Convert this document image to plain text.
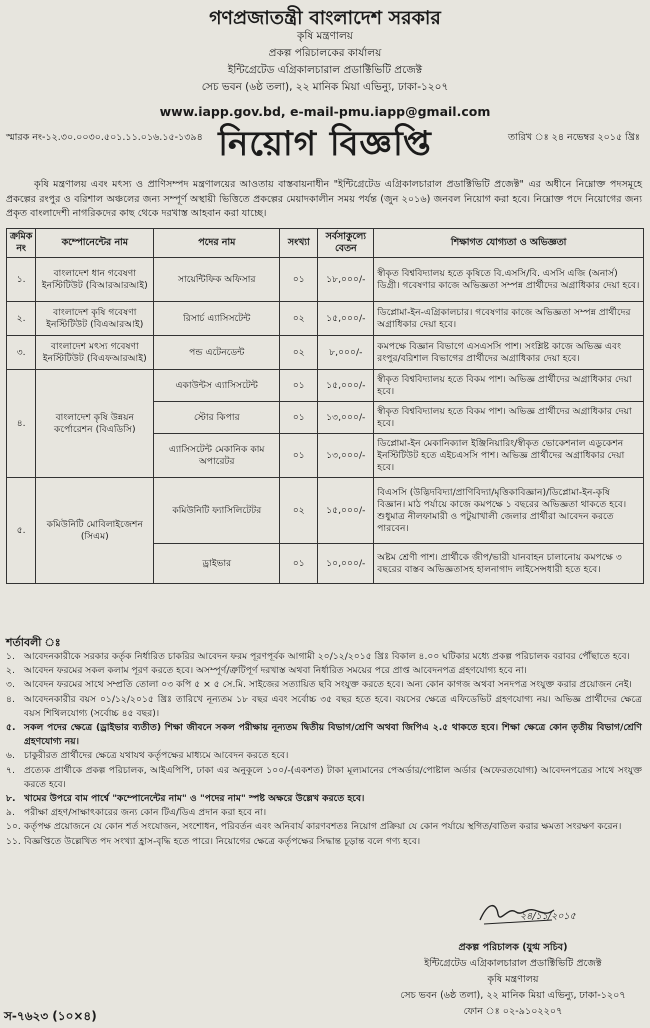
গণপ্রজাতন্ত্রী বাংলাদেশ সরকার
কৃষি মন্ত্রণালয়
প্রকল্প পরিচালকের কার্যালয়
ইন্টিগ্রেটেড এগ্রিকালচারাল প্রডাক্টিভিটি প্রজেক্ট
সেচ ভবন (৬ষ্ঠ তলা), ২২ মানিক মিয়া এভিন্যু, ঢাকা-১২০৭
www.iapp.gov.bd, e-mail-pmu.iapp@gmail.com
স্মারক নং-১২.৩০.০০৩০.৫০১.১১.০১৬.১৫-১৩৯৪ নিয়োগ বিজ্ঞপ্তি	তারিখ ঃ ২৪ নভেম্বর ২০১৫ খ্রিঃ
কৃষি মন্ত্রণালয় এবং মৎস্য ও প্রাণিসম্পদ মন্ত্রণালয়ের আওতায় বাস্তবায়নাধীন "ইন্টিগ্রেটেড এগ্রিকালচারাল প্রডাক্টিভিটি প্রজেক্ট" এর অধীনে নিম্নোক্ত পদসমূহে প্রকল্পের রংপুর ও বরিশাল অঞ্চলের জন্য সম্পূর্ণ অস্থায়ী ভিত্তিতে প্রকল্পের মেয়াদকালীন সময় পর্যন্ত (জুন ২০১৬) জনবল নিয়োগ করা হবে। নিম্নোক্ত পদে নিয়োগের জন্য প্রকৃত বাংলাদেশী নাগরিকদের কাছ থেকে দরখাস্ত আহবান করা যাচ্ছে।
ক্রমিক নং	কম্পোনেন্টের নাম	পদের নাম	সংখ্যা	সর্বসাকুল্যে বেতন	শিক্ষাগত যোগ্যতা ও অভিজ্ঞতা
১.	বাংলাদেশ ধান গবেষণা ইনস্টিটিউট (বিআরআরআই)	সায়েন্টিফিক অফিসার	০১	১৮,০০০/-	স্বীকৃত বিশ্ববিদ্যালয় হতে কৃষিতে বি.এসসি/বি. এসসি এজি (অনার্স) ডিগ্রী। গবেষণার কাজে অভিজ্ঞতা সম্পন্ন প্রার্থীদের অগ্রাধিকার দেয়া হবে।
২.	বাংলাদেশ কৃষি গবেষণা ইনস্টিটিউট (বিএআরআই)	রিসার্চ এ্যাসিসটেন্ট	০২	১৫,০০০/-	ডিপ্লোমা-ইন-এগ্রিকালচার। গবেষণার কাজে অভিজ্ঞতা সম্পন্ন প্রার্থীদের অগ্রাধিকার দেয়া হবে।
৩.	বাংলাদেশ মৎস্য গবেষণা ইনস্টিটিউট (বিএফআরআই)	পন্ড এটেনডেন্ট	০২	৮,০০০/-	কমপক্ষে বিজ্ঞান বিভাগে এসএসসি পাশ। সংশ্লিষ্ট কাজে অভিজ্ঞ এবং রংপুর/বরিশাল বিভাগের প্রার্থীদের অগ্রাধিকার দেয়া হবে।
৪.	বাংলাদেশ কৃষি উন্নয়ন কর্পোরেশন (বিএডিসি)	একাউন্টস এ্যাসিসটেন্ট	০১	১৫,০০০/-	স্বীকৃত বিশ্ববিদ্যালয় হতে বিকম পাশ। অভিজ্ঞ প্রার্থীদের অগ্রাধিকার দেয়া হবে।
		স্টোর কিপার	০১	১৩,০০০/-	স্বীকৃত বিশ্ববিদ্যালয় হতে বিকম পাশ। অভিজ্ঞ প্রার্থীদের অগ্রাধিকার দেয়া হবে।
		এ্যাসিসটেন্ট মেকানিক কাম অপারেটর	০১	১৩,০০০/-	ডিপ্লোমা-ইন মেকানিক্যাল ইঞ্জিনিয়ারিং/স্বীকৃত ভোকেশনাল এডুকেশন ইনস্টিটিউট হতে এইচএসসি পাশ। অভিজ্ঞ প্রার্থীদের অগ্রাধিকার দেয়া হবে।
৫.	কমিউনিটি মোবিলাইজেশন (সিএম)	কমিউনিটি ফ্যাসিলিটেটর	০২	১৫,০০০/-	বিএসসি (উদ্ভিদবিদ্যা/প্রাণিবিদ্যা/মৃত্তিকাবিজ্ঞান)/ডিপ্লোমা-ইন-কৃষি বিজ্ঞান। মাঠ পর্যায়ে কাজে কমপক্ষে ১ বছরের অভিজ্ঞতা থাকতে হবে। শুধুমাত্র নীলফামারী ও পটুয়াখালী জেলার প্রার্থীরা আবেদন করতে পারবেন।
		ড্রাইভার	০১	১০,০০০/-	অষ্টম শ্রেণী পাশ। প্রার্থীকে জীপ/ভারী যানবাহন চালানোয় কমপক্ষে ৩ বছরের বাস্তব অভিজ্ঞতাসহ হালনাগাদ লাইসেন্সধারী হতে হবে।
শর্তাবলী ঃ
১. আবেদনকারীকে সরকার কর্তৃক নির্ধারিত চাকরির আবেদন ফরম পূরণপূর্বক আগামী ২০/১২/২০১৫ খ্রিঃ বিকাল ৪.০০ ঘটিকার মধ্যে প্রকল্প পরিচালক বরাবর পৌঁছাতে হবে।
২. আবেদন ফরমের সকল কলাম পূরণ করতে হবে। অসম্পূর্ণ/ত্রুটিপূর্ণ দরখাস্ত অথবা নির্ধারিত সময়ের পরে প্রাপ্ত আবেদনপত্র গ্রহণযোগ্য হবে না।
৩. আবেদন ফরমের সাথে সম্প্রতি তোলা ০৩ কপি ৫ × ৫ সে.মি. সাইজের সত্যায়িত ছবি সংযুক্ত করতে হবে। অন্য কোন কাগজ অথবা সনদপত্র সংযুক্ত করার প্রয়োজন নেই।
৪. আবেদনকারীর বয়স ০১/১২/২০১৫ খ্রিঃ তারিখে নূন্যতম ১৮ বছর এবং সর্বোচ্চ ৩৫ বছর হতে হবে। বয়সের ক্ষেত্রে এফিডেভিট গ্রহণযোগ্য নয়। অভিজ্ঞ প্রার্থীদের ক্ষেত্রে বয়স শিথিলযোগ্য (সর্বোচ্চ ৪৫ বছর)।
৫. সকল পদের ক্ষেত্রে (ড্রাইভার ব্যতীত) শিক্ষা জীবনে সকল পরীক্ষায় নূন্যতম দ্বিতীয় বিভাগ/শ্রেণি অথবা জিপিএ ২.৫ থাকতে হবে। শিক্ষা ক্ষেত্রে কোন তৃতীয় বিভাগ/শ্রেণি গ্রহণযোগ্য নয়।
৬. চাকুরীরত প্রার্থীদের ক্ষেত্রে যথাযথ কর্তৃপক্ষের মাধ্যমে আবেদন করতে হবে।
৭. প্রত্যেক প্রার্থীকে প্রকল্প পরিচালক, আইএপিপি, ঢাকা এর অনুকূলে ১০০/-(একশত) টাকা মূল্যমানের পেঅর্ডার/পোষ্টাল অর্ডার (অফেরতযোগ্য) আবেদনপত্রের সাথে সংযুক্ত করতে হবে।
৮. খামের উপরে বাম পার্শ্বে "কম্পোনেন্টের নাম" ও "পদের নাম" স্পষ্ট অক্ষরে উল্লেখ করতে হবে।
৯. পরীক্ষা গ্রহণ/সাক্ষাৎকারের জন্য কোন টিএ/ডিএ প্রদান করা হবে না।
১০. কর্তৃপক্ষ প্রয়োজনে যে কোন শর্ত সংযোজন, সংশোধন, পরিবর্তন এবং অনিবার্য কারণবশতঃ নিয়োগ প্রক্রিয়া যে কোন পর্যায়ে স্থগিত/বাতিল করার ক্ষমতা সংরক্ষণ করেন।
১১. বিজ্ঞপ্তিতে উল্লেখিত পদ সংখ্যা হ্রাস-বৃদ্ধি হতে পারে। নিয়োগের ক্ষেত্রে কর্তৃপক্ষের সিদ্ধান্ত চূড়ান্ত বলে গণ্য হবে।
২৪/১১/২০১৫
প্রকল্প পরিচালক (যুগ্ম সচিব)
ইন্টিগ্রেটেড এগ্রিকালচারাল প্রডাক্টিভিটি প্রজেক্ট
কৃষি মন্ত্রণালয়
সেচ ভবন (৬ষ্ঠ তলা), ২২ মানিক মিয়া এভিন্যু, ঢাকা-১২০৭
ফোন ঃ ০২-৯১০২২০৭
স-৭৬২৩ (১০×৪)
